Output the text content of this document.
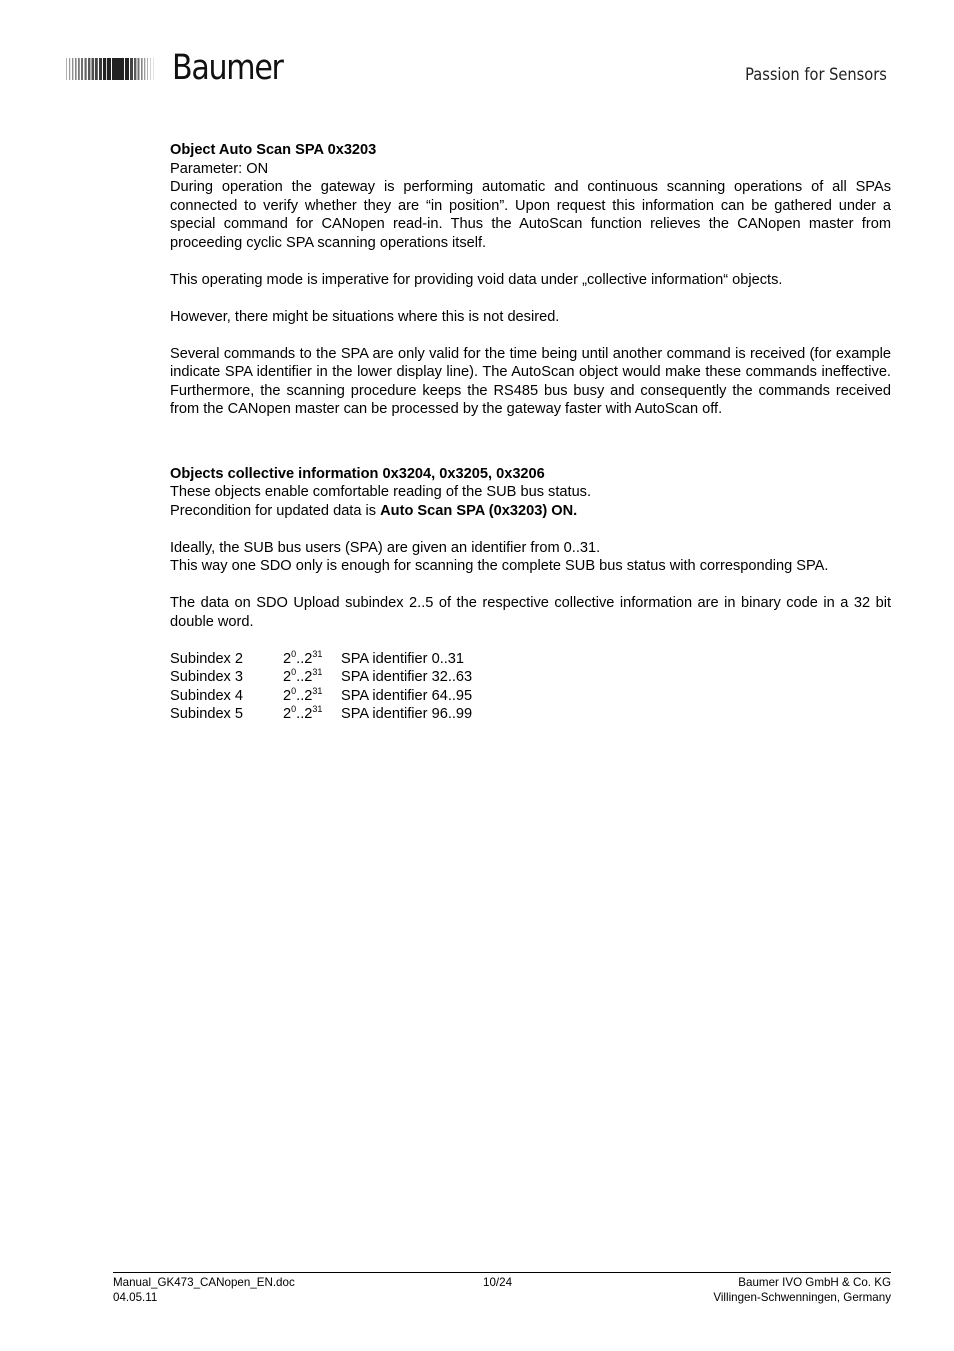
Baumer	Passion for Sensors

Object Auto Scan SPA 0x3203

Parameter: ON

During operation the gateway is performing automatic and continuous scanning operations of all SPAs connected to verify whether they are “in position”. Upon request this information can be gathered under a special command for CANopen read-in. Thus the AutoScan function relieves the CANopen master from proceeding cyclic SPA scanning operations itself.

This operating mode is imperative for providing void data under „collective information“ objects.

However, there might be situations where this is not desired.

Several commands to the SPA are only valid for the time being until another command is received (for example indicate SPA identifier in the lower display line). The AutoScan object would make these commands ineffective. Furthermore, the scanning procedure keeps the RS485 bus busy and consequently the commands received from the CANopen master can be processed by the gateway faster with AutoScan off.

Objects collective information 0x3204, 0x3205, 0x3206

These objects enable comfortable reading of the SUB bus status.

Precondition for updated data is Auto Scan SPA (0x3203) ON.

Ideally, the SUB bus users (SPA) are given an identifier from 0..31.

This way one SDO only is enough for scanning the complete SUB bus status with corresponding SPA.

The data on SDO Upload subindex 2..5 of the respective collective information are in binary code in a 32 bit double word.

Subindex 2	$2^0..2^{31}$	SPA identifier 0..31
Subindex 3	$2^0..2^{31}$	SPA identifier 32..63
Subindex 4	$2^0..2^{31}$	SPA identifier 64..95
Subindex 5	$2^0..2^{31}$	SPA identifier 96..99
Manual_GK473_CANopen_EN.doc
04.05.11
10/24	Baumer IVO GmbH & Co. KG
Villingen-Schwenningen, Germany
